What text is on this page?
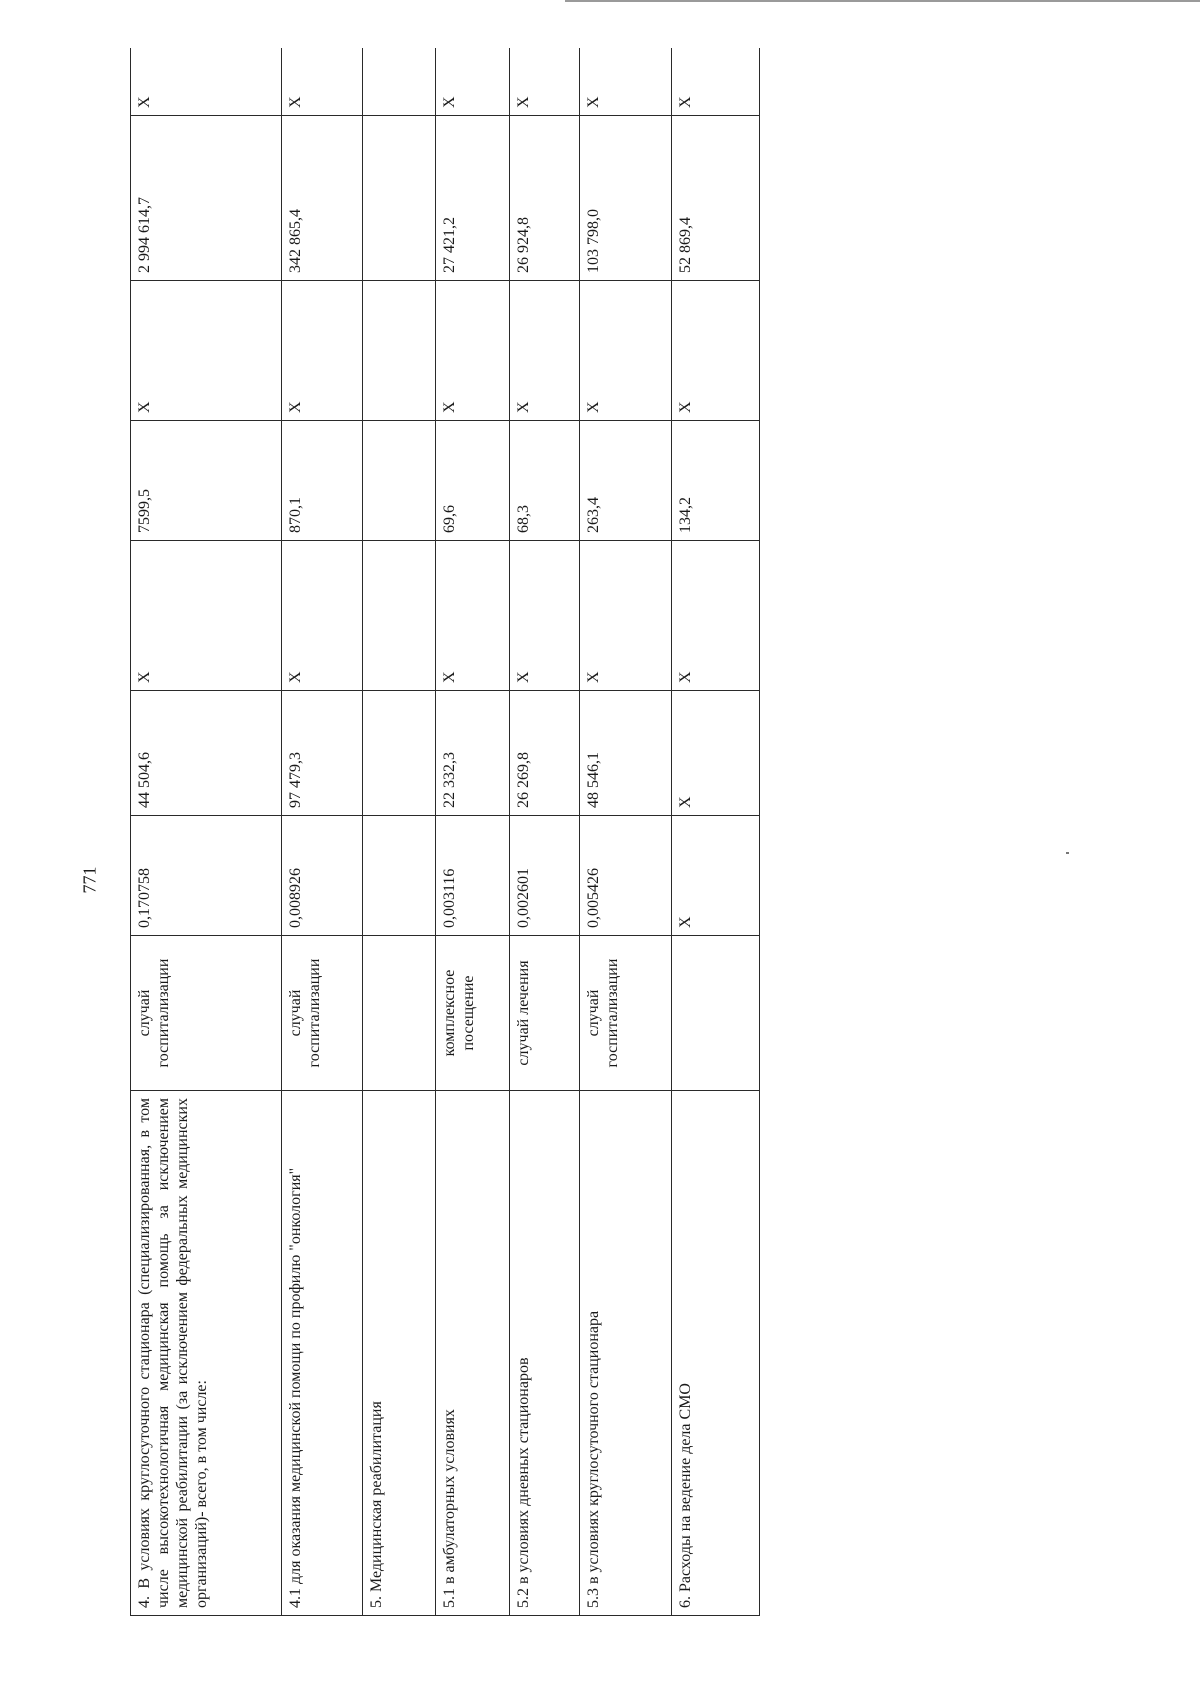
771
4. В условиях круглосуточного стационара (специализированная, в том числе высокотехнологичная медицинская помощь за исключением медицинской реабилитации (за исключением федеральных медицинских организаций)- всего, в том числе:	случай госпитализации	0,170758	44 504,6	X	7599,5	X	2 994 614,7	X
4.1 для оказания медицинской помощи по профилю "онкология"	случай госпитализации	0,008926	97 479,3	X	870,1	X	342 865,4	X
5. Медицинская реабилитация								
5.1 в амбулаторных условиях	комплексное посещение	0,003116	22 332,3	X	69,6	X	27 421,2	X
5.2 в условиях дневных стационаров	случай лечения	0,002601	26 269,8	X	68,3	X	26 924,8	X
5.3 в условиях круглосуточного стационара	случай госпитализации	0,005426	48 546,1	X	263,4	X	103 798,0	X
6. Расходы на ведение дела СМО		X	X	X	134,2	X	52 869,4	X
